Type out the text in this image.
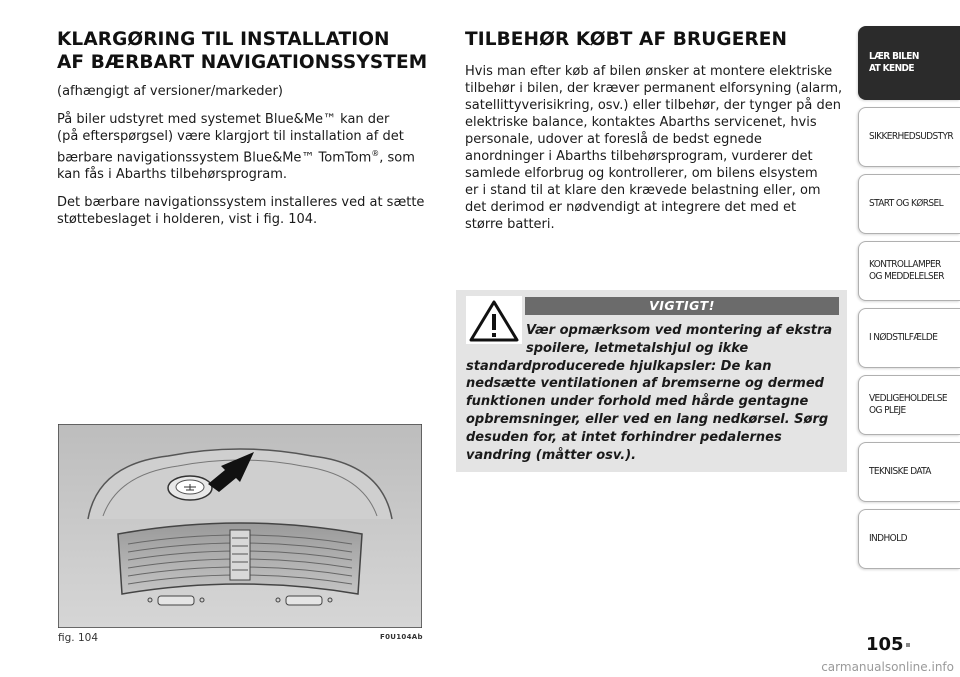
KLARGØRING TIL INSTALLATION
AF BÆRBART NAVIGATIONSSYSTEM

(afhængigt af versioner/markeder)

På biler udstyret med systemet Blue&Me™ kan der
(på efterspørgsel) være klargjort til installation af det
bærbare navigationssystem Blue&Me™ TomTom®, som
kan fås i Abarths tilbehørsprogram.

Det bærbare navigationssystem installeres ved at sætte
støttebeslaget i holderen, vist i fig. 104.

TILBEHØR KØBT AF BRUGEREN

Hvis man efter køb af bilen ønsker at montere elektriske
tilbehør i bilen, der kræver permanent elforsyning (alarm,
satellittyverisikring, osv.) eller tilbehør, der tynger på den
elektriske balance, kontaktes Abarths servicenet, hvis
personale, udover at foreslå de bedst egnede
anordninger i Abarths tilbehørsprogram, vurderer det
samlede elforbrug og kontrollerer, om bilens elsystem
er i stand til at klare den krævede belastning eller, om
det derimod er nødvendigt at integrere det med et
større batteri.

VIGTIGT!
Vær opmærksom ved montering af ekstra
spoilere, letmetalshjul og ikke
standardproducerede hjulkapsler: De kan
nedsætte ventilationen af bremserne og dermed
funktionen under forhold med hårde gentagne
opbremsninger, eller ved en lang nedkørsel. Sørg
desuden for, at intet forhindrer pedalernes
vandring (måtter osv.).
fig. 104	F0U104Ab
LÆR BILEN
AT KENDE
SIKKERHEDSUDSTYR
START OG KØRSEL
KONTROLLAMPER
OG MEDDELELSER
I NØDSTILFÆLDE
VEDLIGEHOLDELSE
OG PLEJE
TEKNISKE DATA
INDHOLD
105
carmanualsonline.info
